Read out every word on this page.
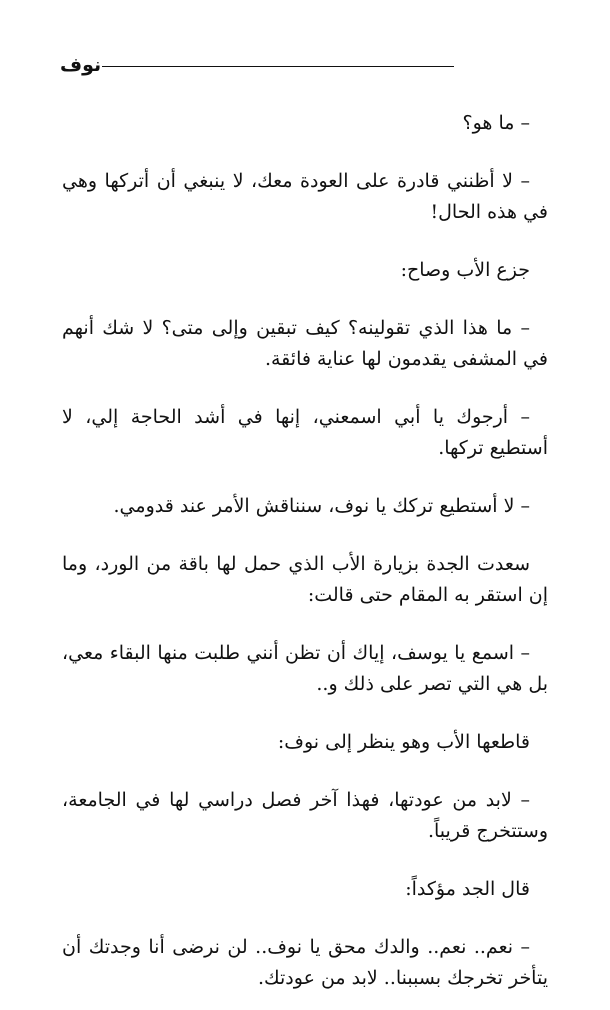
نوف

– ما هو؟

– لا أظنني قادرة على العودة معك، لا ينبغي أن أتركها وهي في هذه الحال!

جزع الأب وصاح:

– ما هذا الذي تقولينه؟ كيف تبقين وإلى متى؟ لا شك أنهم في المشفى يقدمون لها عناية فائقة.

– أرجوك يا أبي اسمعني، إنها في أشد الحاجة إلي، لا أستطيع تركها.

– لا أستطيع تركك يا نوف، سنناقش الأمر عند قدومي.

سعدت الجدة بزيارة الأب الذي حمل لها باقة من الورد، وما إن استقر به المقام حتى قالت:

– اسمع يا يوسف، إياك أن تظن أنني طلبت منها البقاء معي، بل هي التي تصر على ذلك و..

قاطعها الأب وهو ينظر إلى نوف:

– لابد من عودتها، فهذا آخر فصل دراسي لها في الجامعة، وستتخرج قريباً.

قال الجد مؤكداً:

– نعم.. نعم.. والدك محق يا نوف.. لن نرضى أنا وجدتك أن يتأخر تخرجك بسببنا.. لابد من عودتك.
